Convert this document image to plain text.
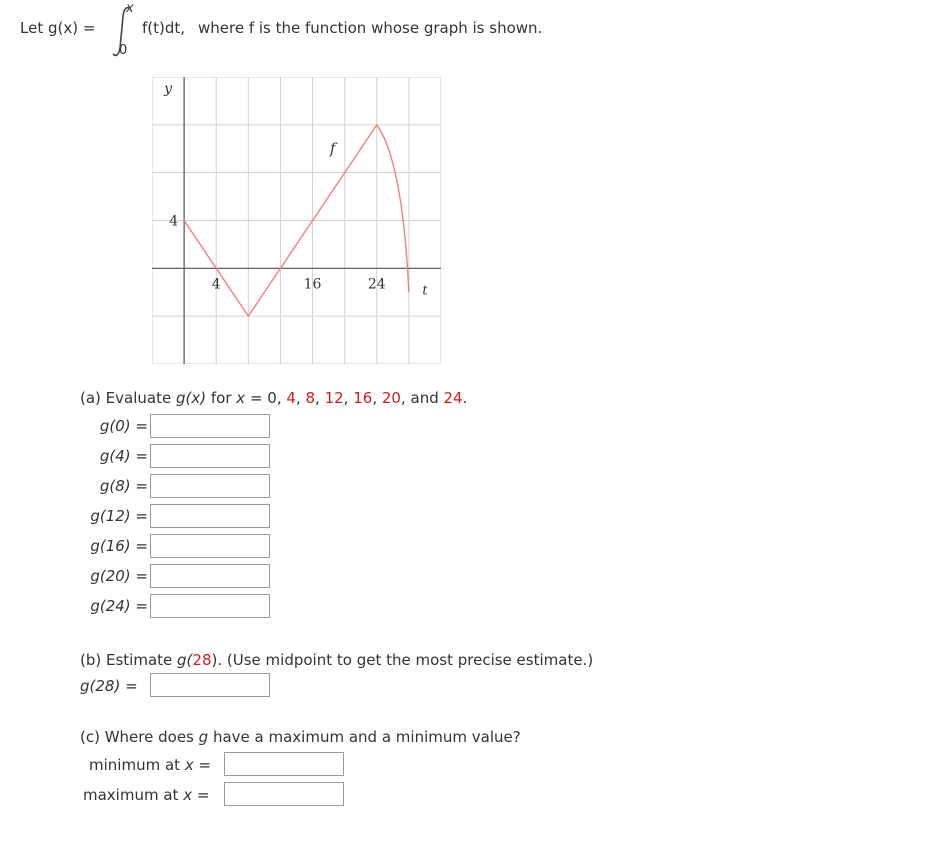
Let g(x) =
x
0
f(t)dt, where f is the function whose graph is shown.
4	16	24
4
y
t
f
(a) Evaluate g(x) for x = 0, 4, 8, 12, 16, 20, and 24.
g(0) =
g(4) =
g(8) =
g(12) =
g(16) =
g(20) =
g(24) =
(b) Estimate g(28). (Use midpoint to get the most precise estimate.)
g(28) =
(c) Where does g have a maximum and a minimum value?
minimum at x =
maximum at x =
